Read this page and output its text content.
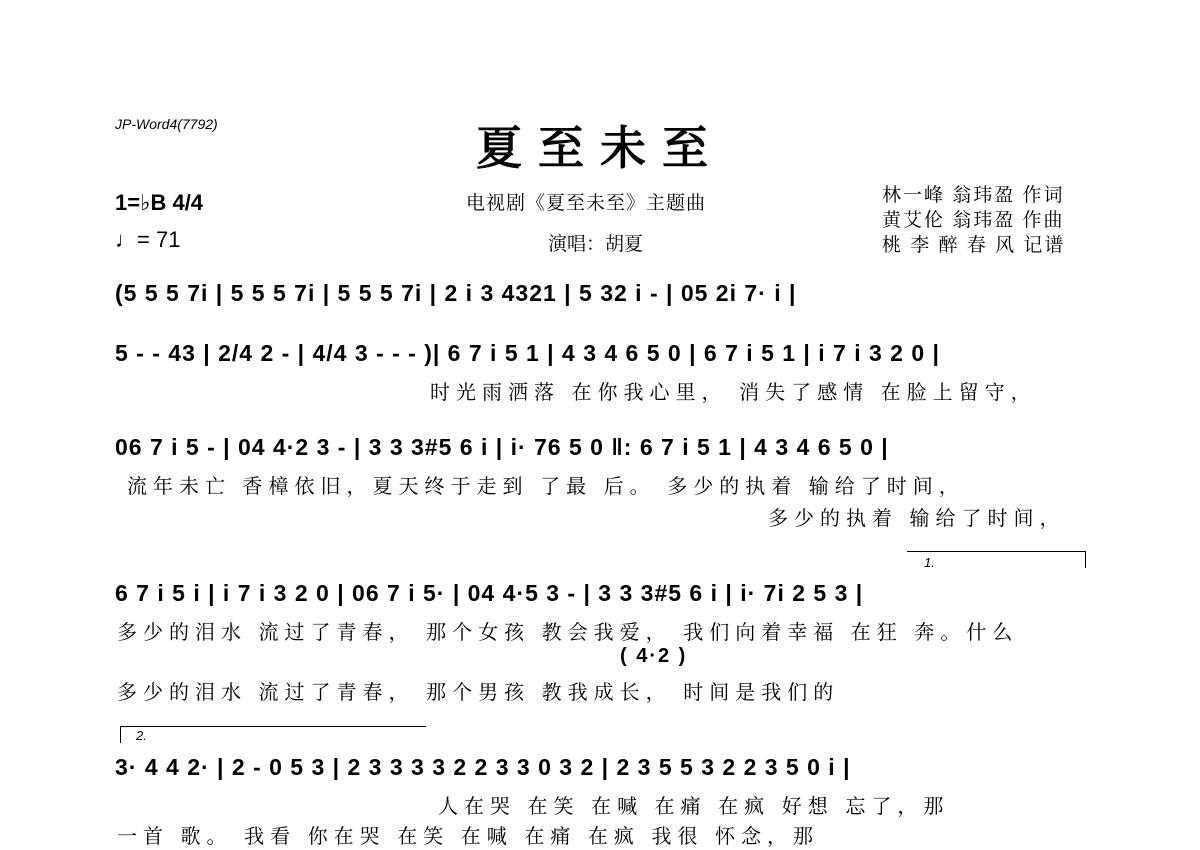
JP-Word4(7792)	夏至未至
电视剧《夏至未至》主题曲
演唱：胡夏
林一峰 翁玮盈 作词
黄艾伦 翁玮盈 作曲
桃 李 醉 春 风 记谱
1=♭B 4/4
♩= 71
(5 5 5 7i | 5 5 5 7i | 5 5 5 7i | 2 i 3 4321 | 5 32 i - | 05 2i 7· i |
5 - - 43 | 2/4 2 - | 4/4 3 - - - )| 6 7 i 5 1 | 4 3 4 6 5 0 | 6 7 i 5 1 | i 7 i 3 2 0 |
时光雨洒落 在你我心里， 消失了感情 在脸上留守，
06 7 i 5 - | 04 4·2 3 - | 3 3 3#5 6 i | i· 76 5 0 ‖: 6 7 i 5 1 | 4 3 4 6 5 0 |
流年未亡 香樟依旧，夏天终于走到 了最 后。 多少的执着 输给了时间，
多少的执着 输给了时间，
1.
6 7 i 5 i | i 7 i 3 2 0 | 06 7 i 5· | 04 4·5 3 - | 3 3 3#5 6 i | i· 7i 2 5 3 |
多少的泪水 流过了青春， 那个女孩 教会我爱， 我们向着幸福 在狂 奔。什么
( 4·2 )
多少的泪水 流过了青春， 那个男孩 教我成长， 时间是我们的
2.
3· 4 4 2· | 2 - 0 5 3 | 2 3 3 3 3 2 2 3 3 0 3 2 | 2 3 5 5 3 2 2 3 5 0 i |
人在哭 在笑 在喊 在痛 在疯 好想 忘了，那
一首 歌。 我看 你在哭 在笑 在喊 在痛 在疯 我很 怀念，那
